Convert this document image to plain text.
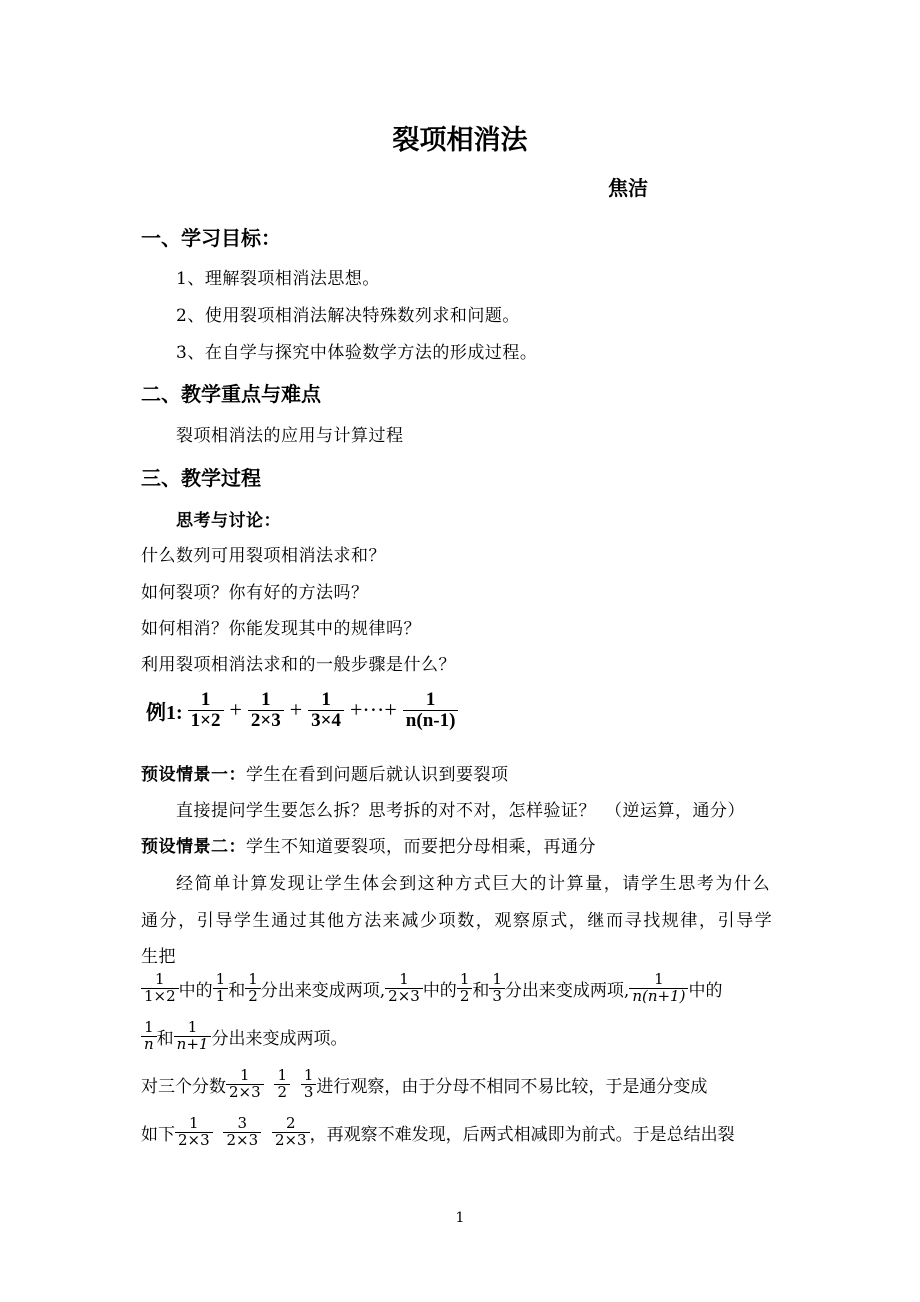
裂项相消法
焦洁
一、学习目标：
1、理解裂项相消法思想。
2、使用裂项相消法解决特殊数列求和问题。
3、在自学与探究中体验数学方法的形成过程。
二、教学重点与难点
裂项相消法的应用与计算过程
三、教学过程
思考与讨论：
什么数列可用裂项相消法求和？
如何裂项？你有好的方法吗？
如何相消？你能发现其中的规律吗？
利用裂项相消法求和的一般步骤是什么？
例1: $\frac{1}{1\times 2} + \frac{1}{2\times 3} + \frac{1}{3\times 4}$ +···+ $\frac{1}{n(n-1)}$
预设情景一：学生在看到问题后就认识到要裂项
直接提问学生要怎么拆？思考拆的对不对，怎样验证？　（逆运算，通分）
预设情景二：学生不知道要裂项，而要把分母相乘，再通分
经简单计算发现让学生体会到这种方式巨大的计算量，请学生思考为什么
通分，引导学生通过其他方法来减少项数，观察原式，继而寻找规律，引导学
生把
$\frac{1}{1\times 2}$ 中的 $\frac{1}{1}$ 和 $\frac{1}{2}$ 分出来变成两项, $\frac{1}{2\times 3}$ 中的 $\frac{1}{2}$ 和 $\frac{1}{3}$ 分出来变成两项, $\frac{1}{n(n+1)}$ 中的
$\frac{1}{n}$ 和 $\frac{1}{n+1}$ 分出来变成两项。
对三个分数 $\frac{1}{2\times 3}$
$\frac{1}{2}$
$\frac{1}{3}$ 进行观察，由于分母不相同不易比较，于是通分变成
如下 $\frac{1}{2\times 3}$
$\frac{3}{2\times 3}$
$\frac{2}{2\times 3}$ ，再观察不难发现，后两式相减即为前式。于是总结出裂
1
